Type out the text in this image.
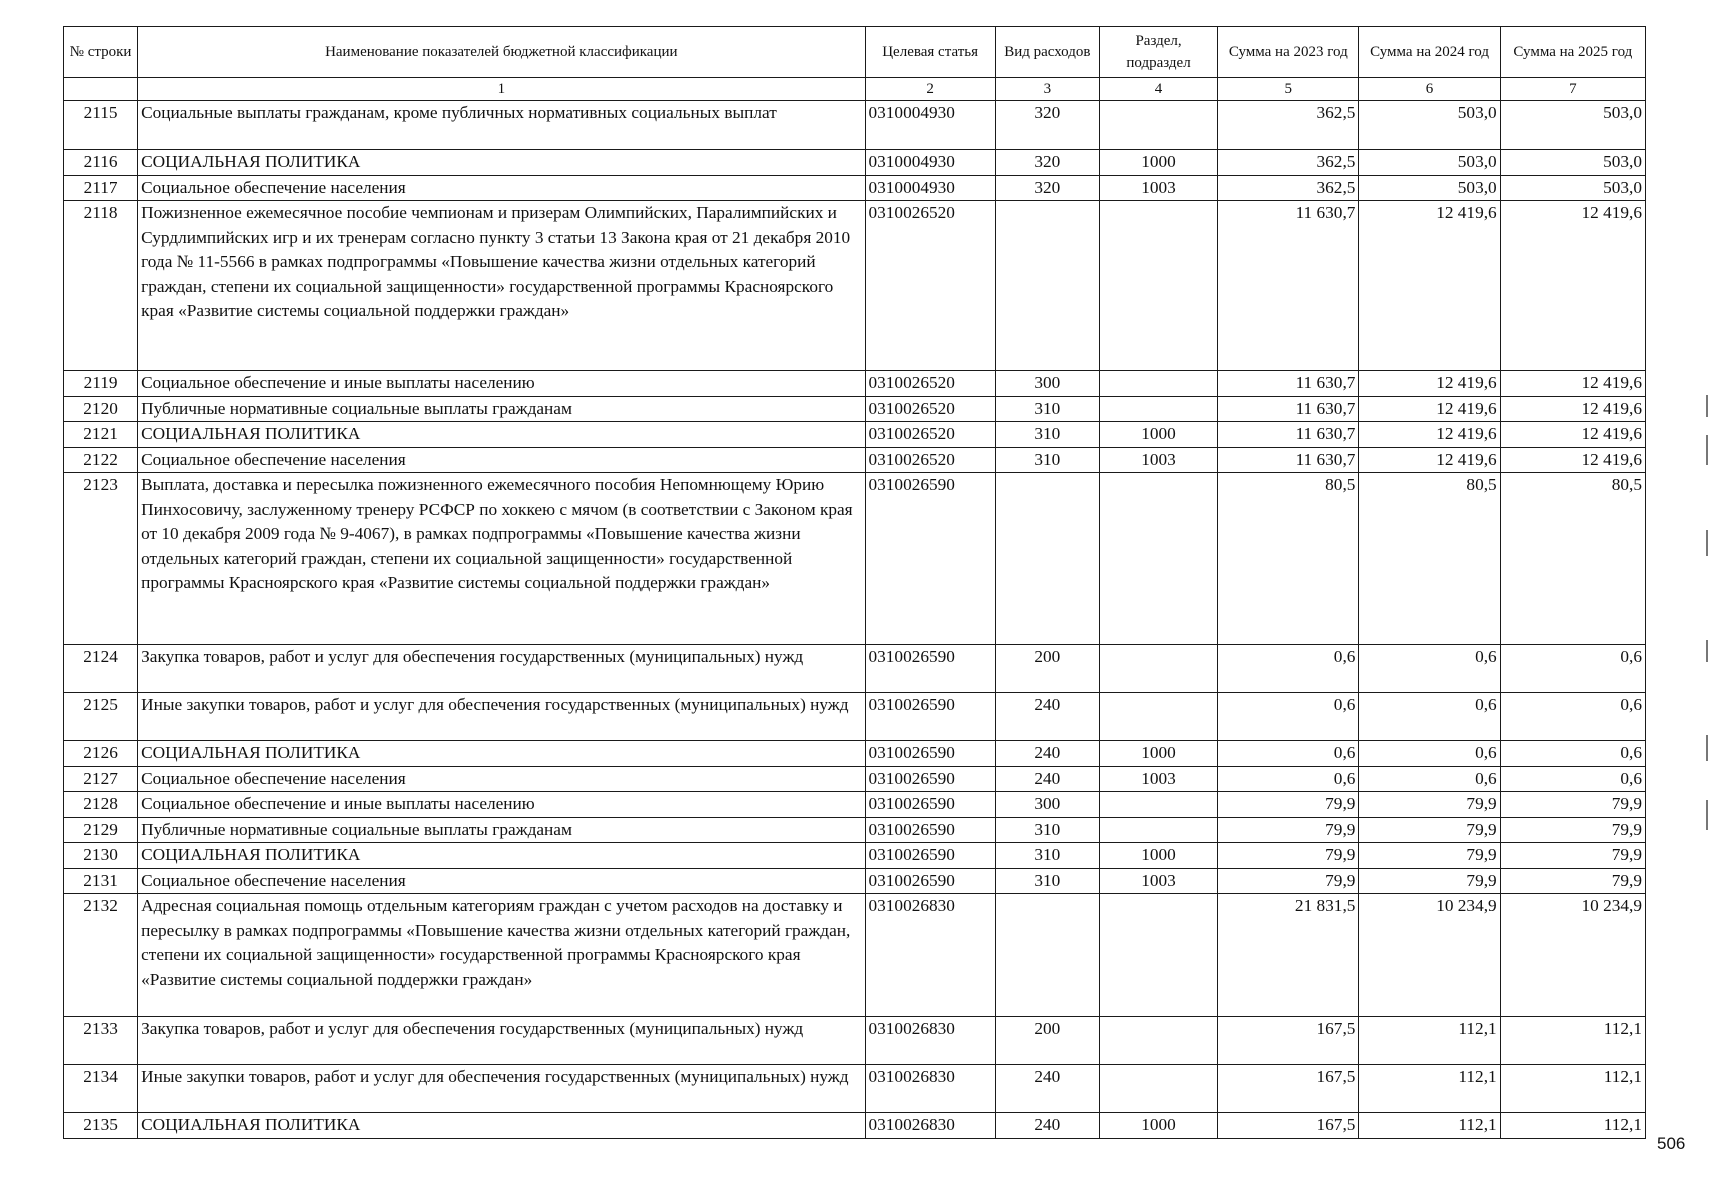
№ строки	Наименование показателей бюджетной классификации	Целевая статья	Вид расходов	Раздел, подраздел	Сумма на 2023 год	Сумма на 2024 год	Сумма на 2025 год
	1	2	3	4	5	6	7
2115	Социальные выплаты гражданам, кроме публичных нормативных социальных выплат	0310004930	320		362,5	503,0	503,0
2116	СОЦИАЛЬНАЯ ПОЛИТИКА	0310004930	320	1000	362,5	503,0	503,0
2117	Социальное обеспечение населения	0310004930	320	1003	362,5	503,0	503,0
2118	Пожизненное ежемесячное пособие чемпионам и призерам Олимпийских, Паралимпийских и Сурдлимпийских игр и их тренерам согласно пункту 3 статьи 13 Закона края от 21 декабря 2010 года № 11-5566 в рамках подпрограммы «Повышение качества жизни отдельных категорий граждан, степени их социальной защищенности» государственной программы Красноярского края «Развитие системы социальной поддержки граждан»	0310026520			11 630,7	12 419,6	12 419,6
2119	Социальное обеспечение и иные выплаты населению	0310026520	300		11 630,7	12 419,6	12 419,6
2120	Публичные нормативные социальные выплаты гражданам	0310026520	310		11 630,7	12 419,6	12 419,6
2121	СОЦИАЛЬНАЯ ПОЛИТИКА	0310026520	310	1000	11 630,7	12 419,6	12 419,6
2122	Социальное обеспечение населения	0310026520	310	1003	11 630,7	12 419,6	12 419,6
2123	Выплата, доставка и пересылка пожизненного ежемесячного пособия Непомнющему Юрию Пинхосовичу, заслуженному тренеру РСФСР по хоккею с мячом (в соответствии с Законом края от 10 декабря 2009 года № 9-4067), в рамках подпрограммы «Повышение качества жизни отдельных категорий граждан, степени их социальной защищенности» государственной программы Красноярского края «Развитие системы социальной поддержки граждан»	0310026590			80,5	80,5	80,5
2124	Закупка товаров, работ и услуг для обеспечения государственных (муниципальных) нужд	0310026590	200		0,6	0,6	0,6
2125	Иные закупки товаров, работ и услуг для обеспечения государственных (муниципальных) нужд	0310026590	240		0,6	0,6	0,6
2126	СОЦИАЛЬНАЯ ПОЛИТИКА	0310026590	240	1000	0,6	0,6	0,6
2127	Социальное обеспечение населения	0310026590	240	1003	0,6	0,6	0,6
2128	Социальное обеспечение и иные выплаты населению	0310026590	300		79,9	79,9	79,9
2129	Публичные нормативные социальные выплаты гражданам	0310026590	310		79,9	79,9	79,9
2130	СОЦИАЛЬНАЯ ПОЛИТИКА	0310026590	310	1000	79,9	79,9	79,9
2131	Социальное обеспечение населения	0310026590	310	1003	79,9	79,9	79,9
2132	Адресная социальная помощь отдельным категориям граждан с учетом расходов на доставку и пересылку в рамках подпрограммы «Повышение качества жизни отдельных категорий граждан, степени их социальной защищенности» государственной программы Красноярского края «Развитие системы социальной поддержки граждан»	0310026830			21 831,5	10 234,9	10 234,9
2133	Закупка товаров, работ и услуг для обеспечения государственных (муниципальных) нужд	0310026830	200		167,5	112,1	112,1
2134	Иные закупки товаров, работ и услуг для обеспечения государственных (муниципальных) нужд	0310026830	240		167,5	112,1	112,1
2135	СОЦИАЛЬНАЯ ПОЛИТИКА	0310026830	240	1000	167,5	112,1	112,1
506
